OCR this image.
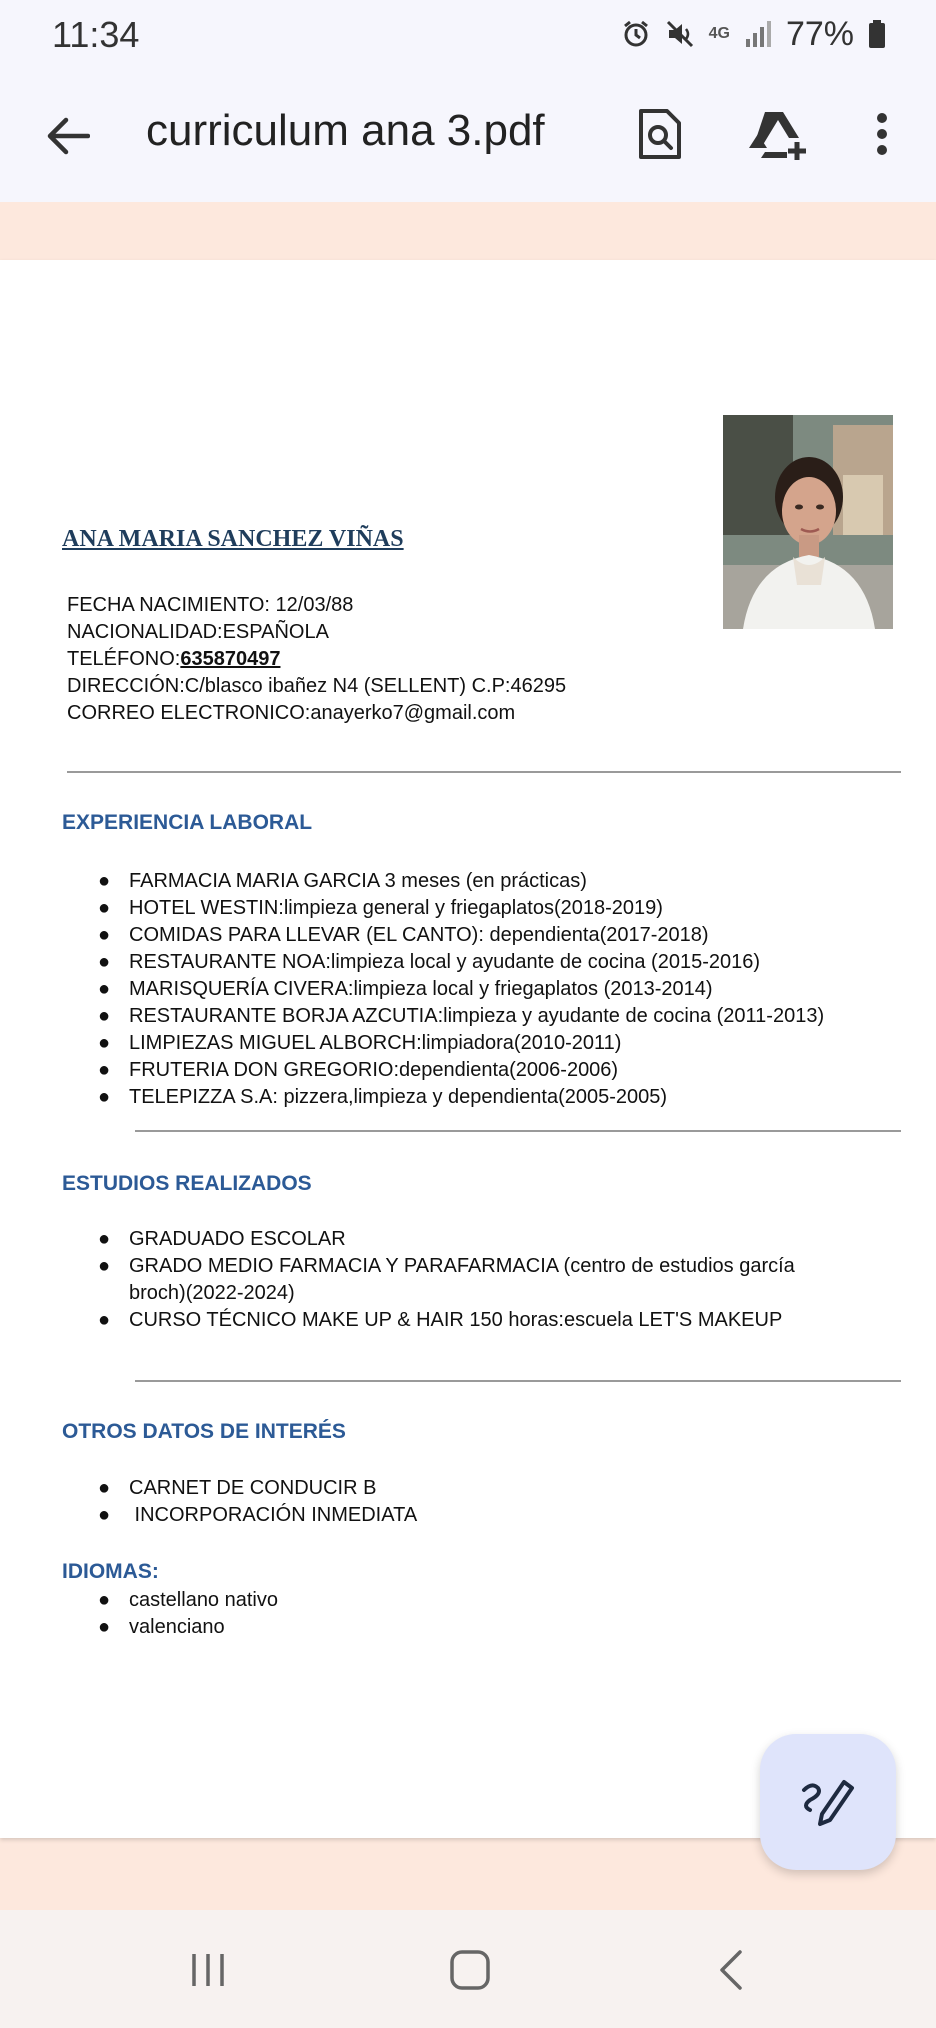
11:34	4G 77%
curriculum ana 3.pdf
ANA MARIA SANCHEZ VIÑAS
FECHA NACIMIENTO: 12/03/88
NACIONALIDAD:ESPAÑOLA
TELÉFONO:635870497
DIRECCIÓN:C/blasco ibañez N4 (SELLENT) C.P:46295
CORREO ELECTRONICO:anayerko7@gmail.com
EXPERIENCIA LABORAL
ESTUDIOS REALIZADOS
● GRADUADO ESCOLAR
● GRADO MEDIO FARMACIA Y PARAFARMACIA (centro de estudios garcía
broch)(2022-2024)
● CURSO TÉCNICO MAKE UP & HAIR 150 horas:escuela LET'S MAKEUP
OTROS DATOS DE INTERÉS
● CARNET DE CONDUCIR B
● INCORPORACIÓN INMEDIATA
IDIOMAS:
● castellano nativo
● valenciano
● FARMACIA MARIA GARCIA 3 meses (en prácticas)
● HOTEL WESTIN:limpieza general y friegaplatos(2018-2019)
● COMIDAS PARA LLEVAR (EL CANTO): dependienta(2017-2018)
● RESTAURANTE NOA:limpieza local y ayudante de cocina (2015-2016)
● MARISQUERÍA CIVERA:limpieza local y friegaplatos (2013-2014)
● RESTAURANTE BORJA AZCUTIA:limpieza y ayudante de cocina (2011-2013)
● LIMPIEZAS MIGUEL ALBORCH:limpiadora(2010-2011)
● FRUTERIA DON GREGORIO:dependienta(2006-2006)
● TELEPIZZA S.A: pizzera,limpieza y dependienta(2005-2005)
